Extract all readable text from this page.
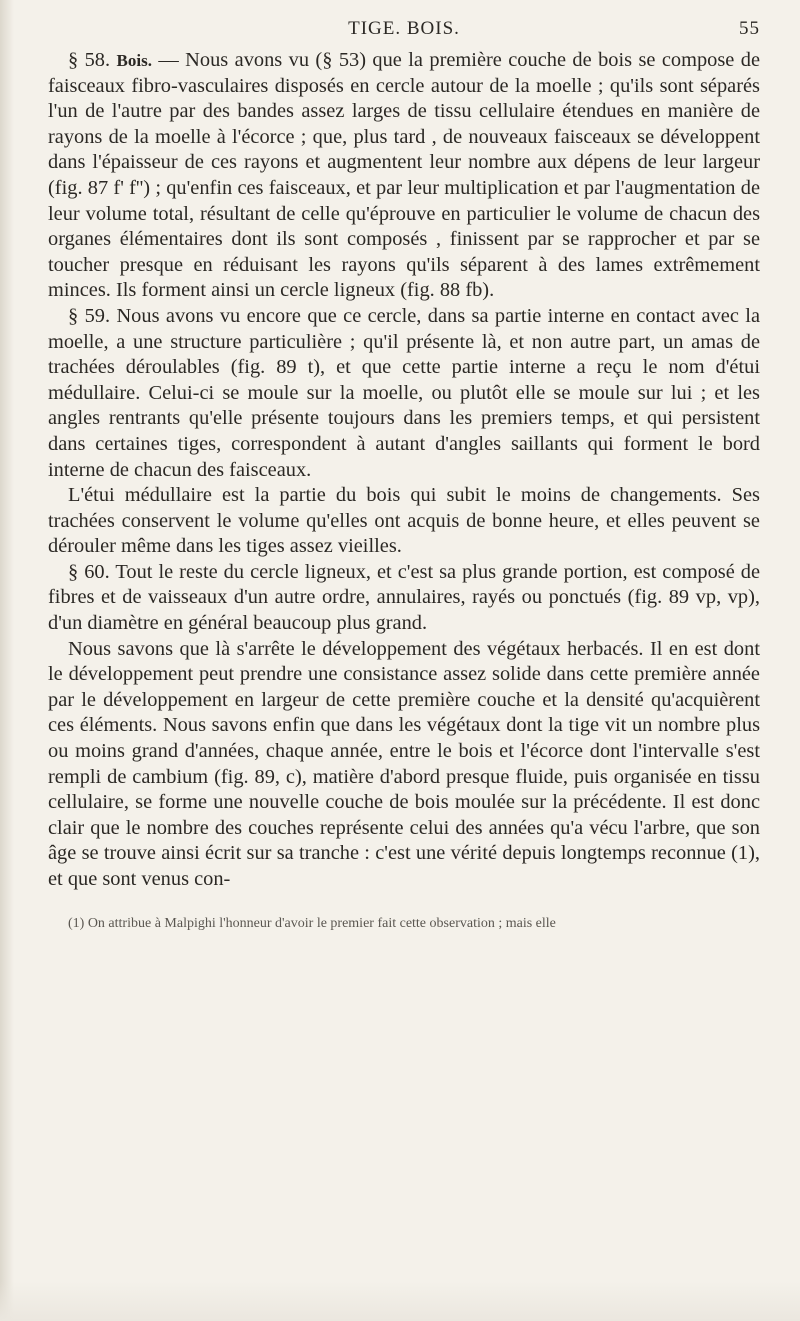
TIGE. BOIS.	55

§ 58. Bois. — Nous avons vu (§ 53) que la première couche de bois se compose de faisceaux fibro-vasculaires disposés en cercle autour de la moelle ; qu'ils sont séparés l'un de l'autre par des bandes assez larges de tissu cellulaire étendues en manière de rayons de la moelle à l'écorce ; que, plus tard , de nouveaux faisceaux se développent dans l'épaisseur de ces rayons et augmentent leur nombre aux dépens de leur largeur (fig. 87 f' f'') ; qu'enfin ces faisceaux, et par leur multiplication et par l'augmentation de leur volume total, résultant de celle qu'éprouve en particulier le volume de chacun des organes élémentaires dont ils sont composés , finissent par se rapprocher et par se toucher presque en réduisant les rayons qu'ils séparent à des lames extrêmement minces. Ils forment ainsi un cercle ligneux (fig. 88 fb).

§ 59. Nous avons vu encore que ce cercle, dans sa partie interne en contact avec la moelle, a une structure particulière ; qu'il présente là, et non autre part, un amas de trachées déroulables (fig. 89 t), et que cette partie interne a reçu le nom d'étui médullaire. Celui-ci se moule sur la moelle, ou plutôt elle se moule sur lui ; et les angles rentrants qu'elle présente toujours dans les premiers temps, et qui persistent dans certaines tiges, correspondent à autant d'angles saillants qui forment le bord interne de chacun des faisceaux.

L'étui médullaire est la partie du bois qui subit le moins de changements. Ses trachées conservent le volume qu'elles ont acquis de bonne heure, et elles peuvent se dérouler même dans les tiges assez vieilles.

§ 60. Tout le reste du cercle ligneux, et c'est sa plus grande portion, est composé de fibres et de vaisseaux d'un autre ordre, annulaires, rayés ou ponctués (fig. 89 vp, vp), d'un diamètre en général beaucoup plus grand.

Nous savons que là s'arrête le développement des végétaux herbacés. Il en est dont le développement peut prendre une consistance assez solide dans cette première année par le développement en largeur de cette première couche et la densité qu'acquièrent ces éléments. Nous savons enfin que dans les végétaux dont la tige vit un nombre plus ou moins grand d'années, chaque année, entre le bois et l'écorce dont l'intervalle s'est rempli de cambium (fig. 89, c), matière d'abord presque fluide, puis organisée en tissu cellulaire, se forme une nouvelle couche de bois moulée sur la précédente. Il est donc clair que le nombre des couches représente celui des années qu'a vécu l'arbre, que son âge se trouve ainsi écrit sur sa tranche : c'est une vérité depuis longtemps reconnue (1), et que sont venus con-

(1) On attribue à Malpighi l'honneur d'avoir le premier fait cette observation ; mais elle
